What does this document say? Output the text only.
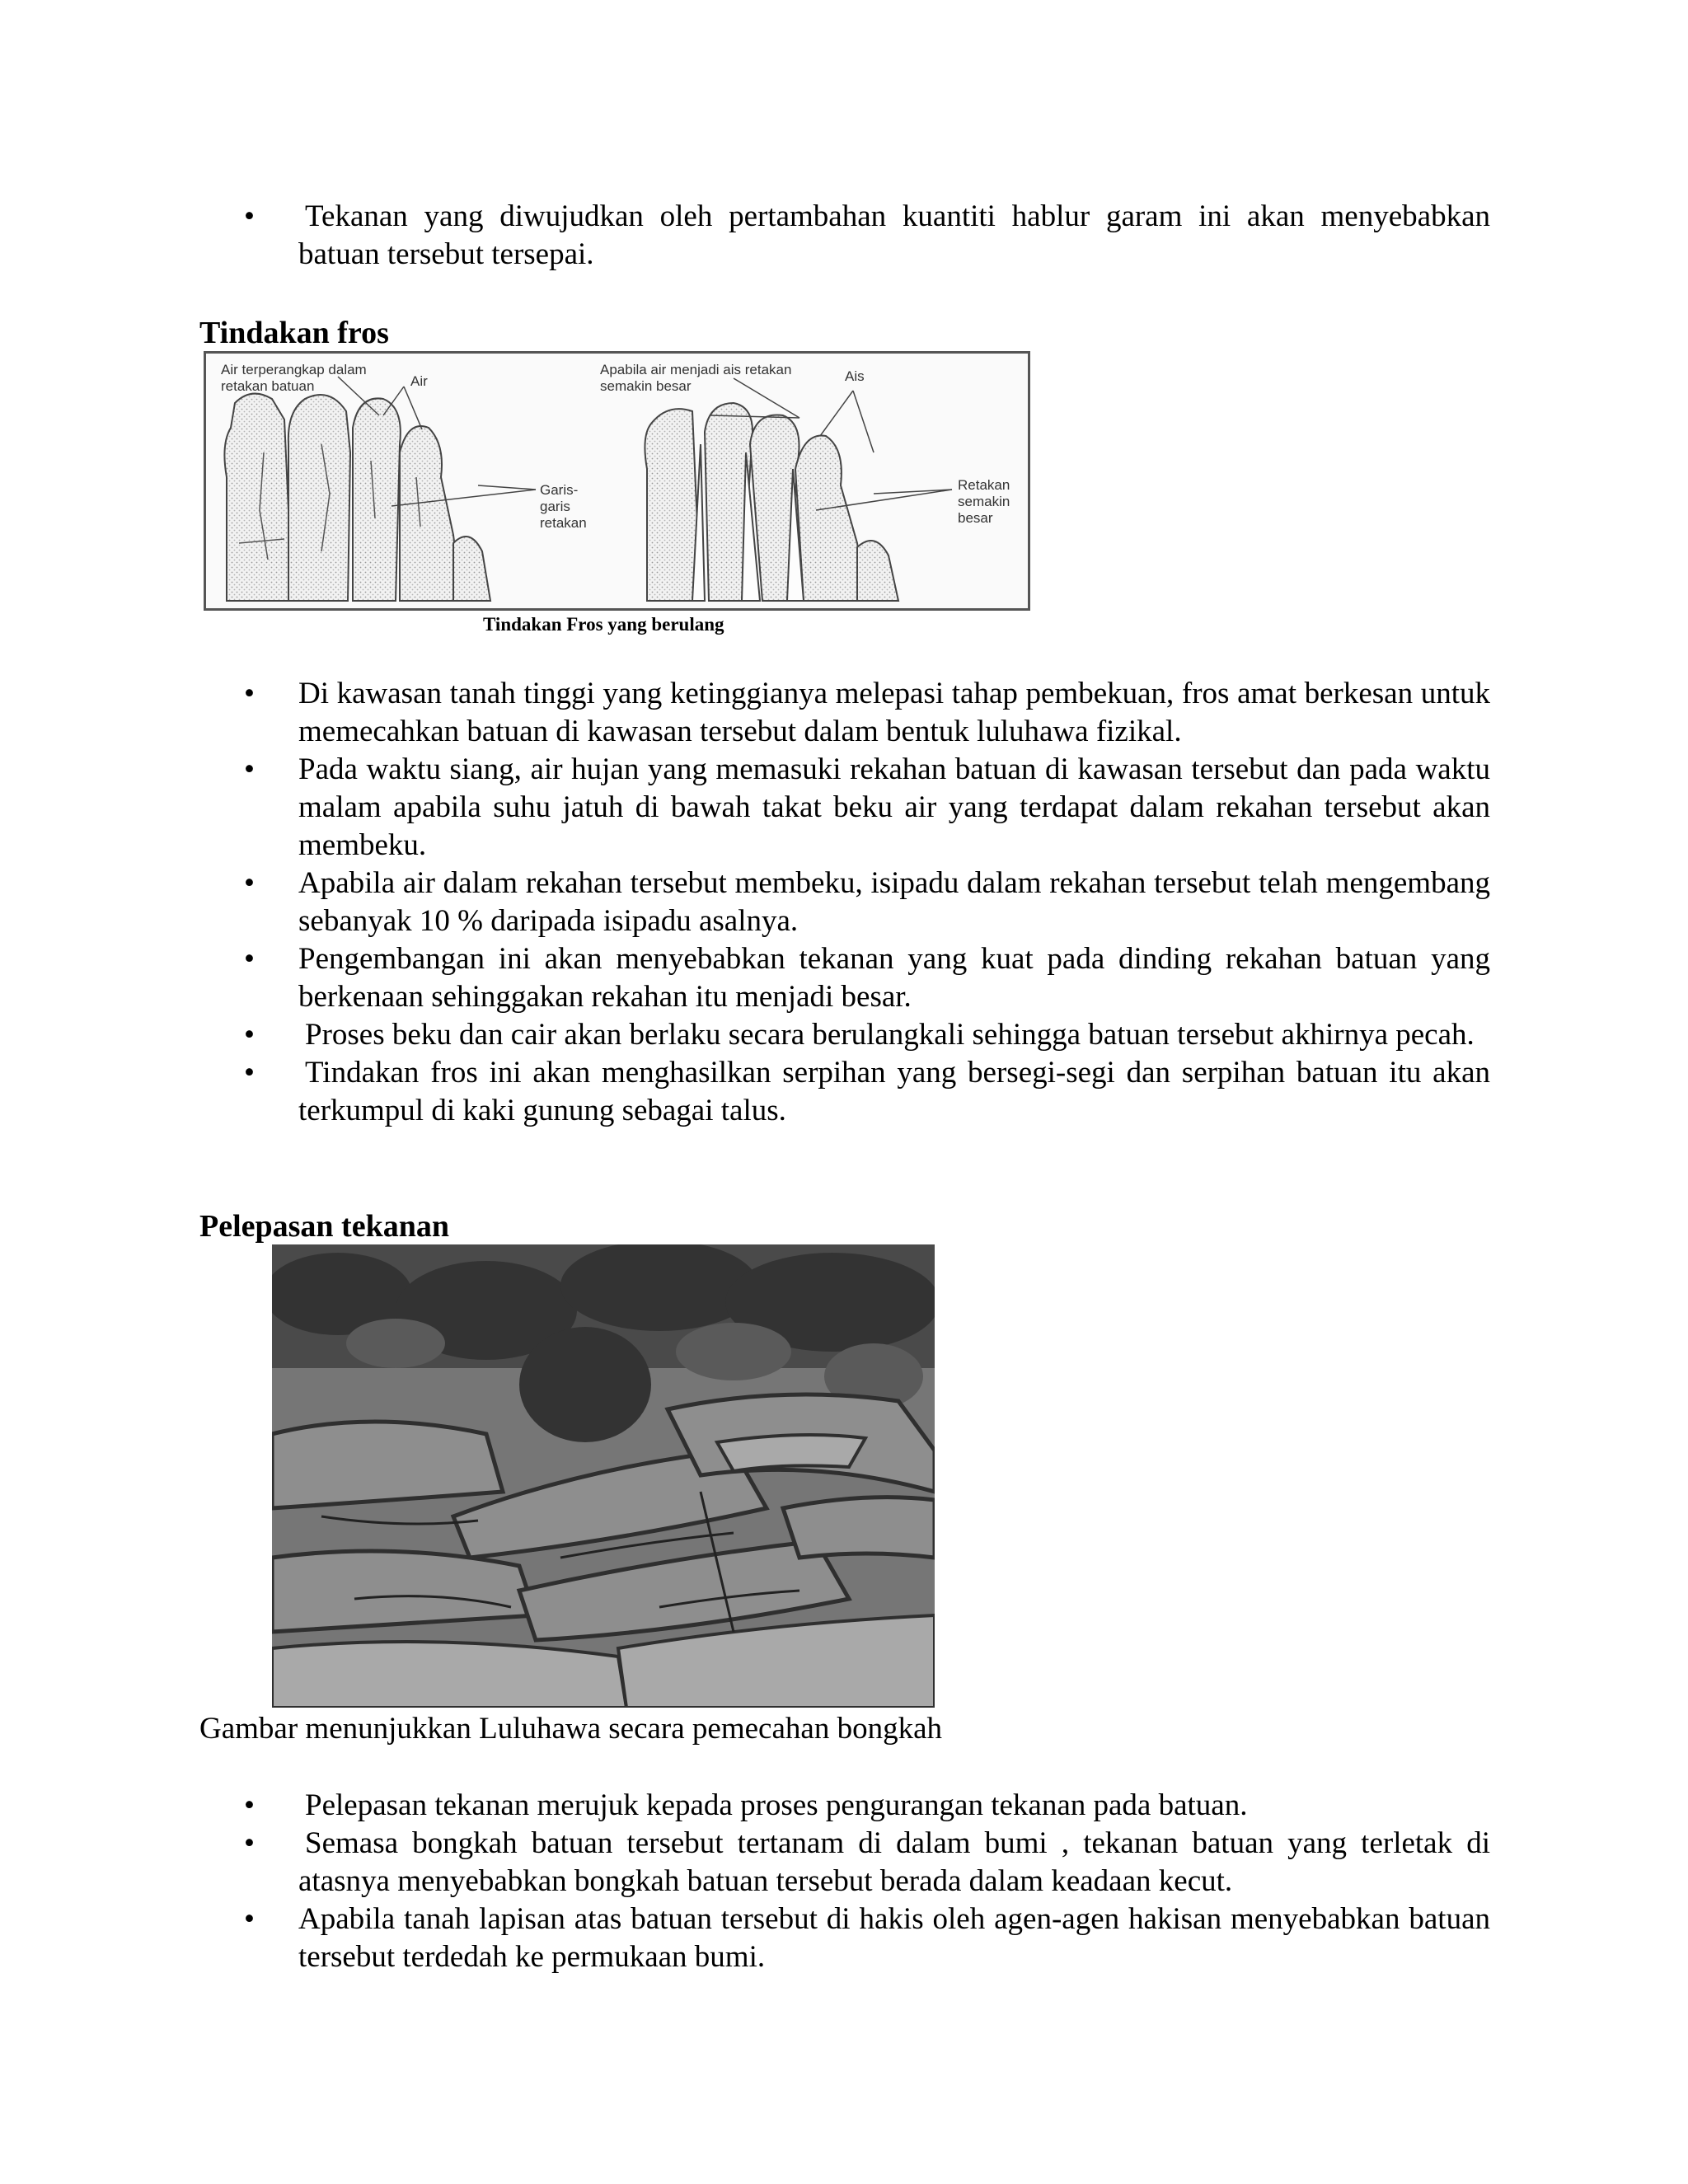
• Tekanan yang diwujudkan oleh pertambahan kuantiti hablur garam ini akan menyebabkan batuan tersebut tersepai.
Tindakan fros
Air terperangkap dalam retakan batuan	Air
Garis-garis retakan
Apabila air menjadi ais retakan semakin besar
Ais
Retakan semakin besar
Tindakan Fros yang berulang
• Di kawasan tanah tinggi yang ketinggianya melepasi tahap pembekuan, fros amat berkesan untuk memecahkan batuan di kawasan tersebut dalam bentuk luluhawa fizikal.
• Pada waktu siang, air hujan yang memasuki rekahan batuan di kawasan tersebut dan pada waktu malam apabila suhu jatuh di bawah takat beku air yang terdapat dalam rekahan tersebut akan membeku.
• Apabila air dalam rekahan tersebut membeku, isipadu dalam rekahan tersebut telah mengembang sebanyak 10 % daripada isipadu asalnya.
• Pengembangan ini akan menyebabkan tekanan yang kuat pada dinding rekahan batuan yang berkenaan sehinggakan rekahan itu menjadi besar.
• Proses beku dan cair akan berlaku secara berulangkali sehingga batuan tersebut akhirnya pecah.
• Tindakan fros ini akan menghasilkan serpihan yang bersegi-segi dan serpihan batuan itu akan terkumpul di kaki gunung sebagai talus.
Pelepasan tekanan
Gambar menunjukkan Luluhawa secara pemecahan bongkah
• Pelepasan tekanan merujuk kepada proses pengurangan tekanan pada batuan.
• Semasa bongkah batuan tersebut tertanam di dalam bumi , tekanan batuan yang terletak di atasnya menyebabkan bongkah batuan tersebut berada dalam keadaan kecut.
• Apabila tanah lapisan atas batuan tersebut di hakis oleh agen-agen hakisan menyebabkan batuan tersebut terdedah ke permukaan bumi.
